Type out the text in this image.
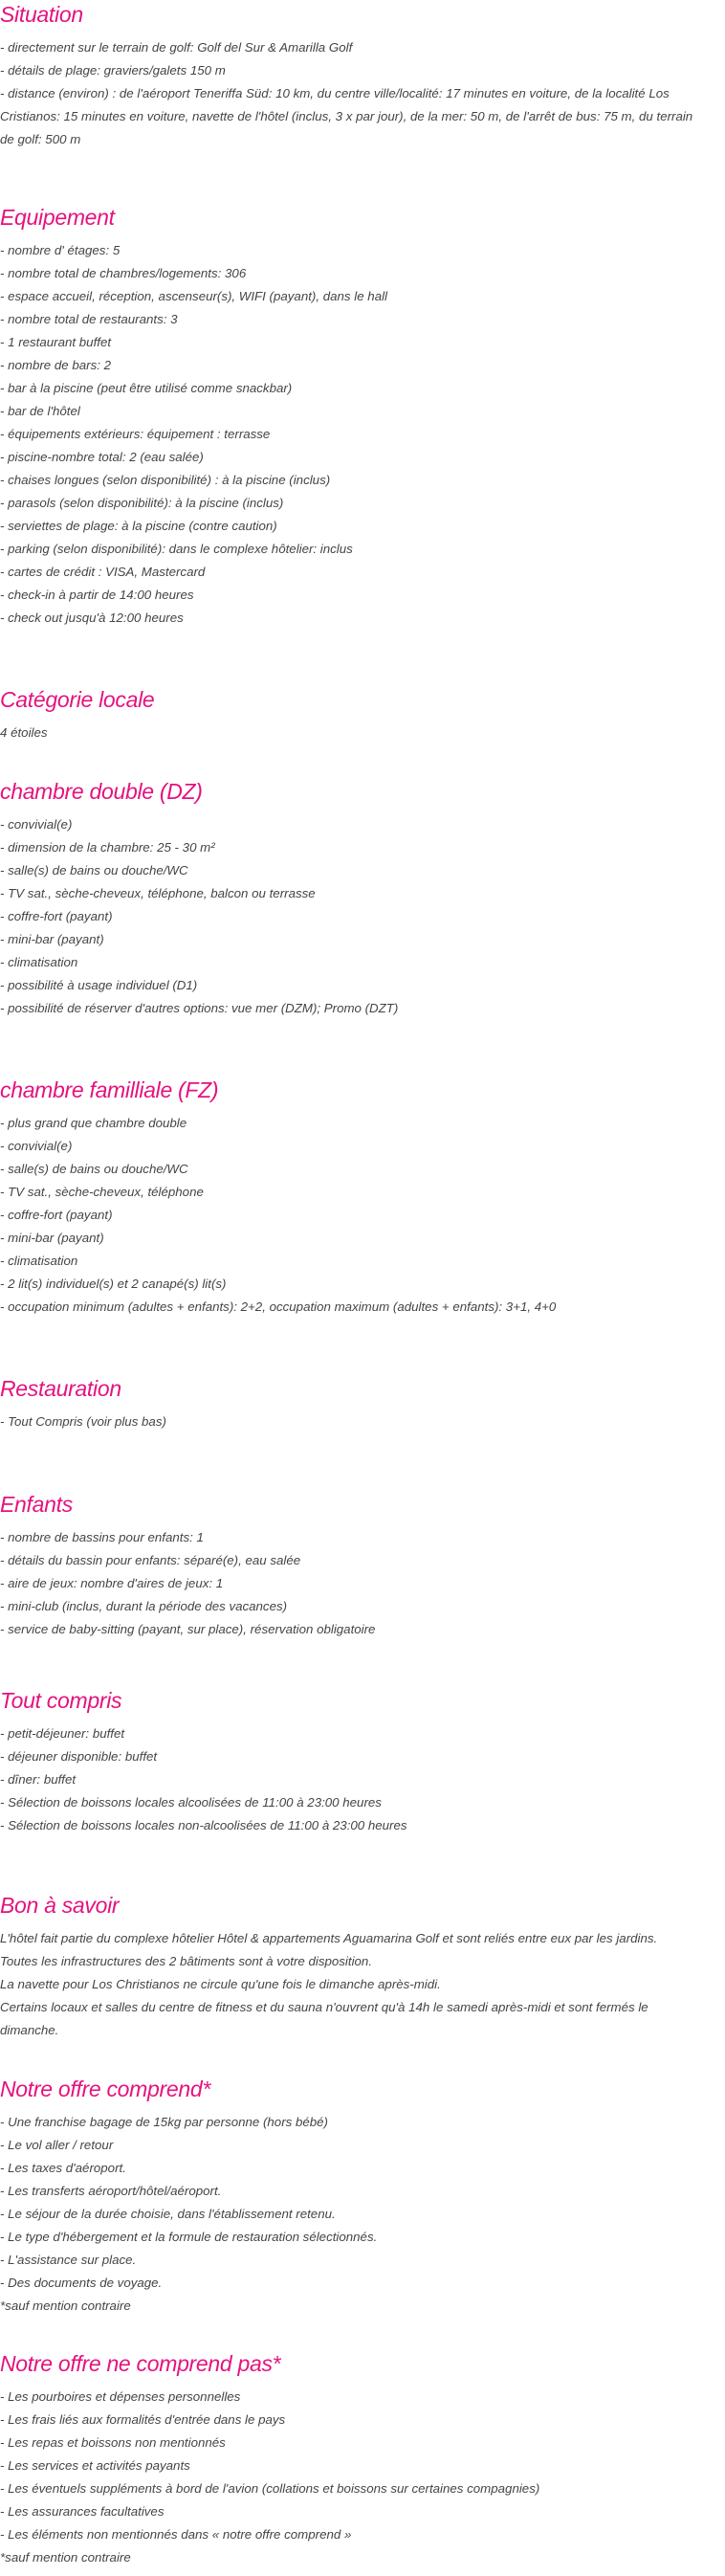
Situation
- directement sur le terrain de golf: Golf del Sur & Amarilla Golf
- détails de plage: graviers/galets 150 m
- distance (environ) : de l'aéroport Teneriffa Süd: 10 km, du centre ville/localité: 17 minutes en voiture, de la localité Los Cristianos: 15 minutes en voiture, navette de l'hôtel (inclus, 3 x par jour), de la mer: 50 m, de l'arrêt de bus: 75 m, du terrain de golf: 500 m
Equipement
- nombre d' étages: 5
- nombre total de chambres/logements: 306
- espace accueil, réception, ascenseur(s), WIFI (payant), dans le hall
- nombre total de restaurants: 3
- 1 restaurant buffet
- nombre de bars: 2
- bar à la piscine (peut être utilisé comme snackbar)
- bar de l'hôtel
- équipements extérieurs: équipement : terrasse
- piscine-nombre total: 2 (eau salée)
- chaises longues (selon disponibilité) : à la piscine (inclus)
- parasols (selon disponibilité): à la piscine (inclus)
- serviettes de plage: à la piscine (contre caution)
- parking (selon disponibilité): dans le complexe hôtelier: inclus
- cartes de crédit : VISA, Mastercard
- check-in à partir de 14:00 heures
- check out jusqu'à 12:00 heures
Catégorie locale
4 étoiles
chambre double (DZ)
- convivial(e)
- dimension de la chambre: 25 - 30 m²
- salle(s) de bains ou douche/WC
- TV sat., sèche-cheveux, téléphone, balcon ou terrasse
- coffre-fort (payant)
- mini-bar (payant)
- climatisation
- possibilité à usage individuel (D1)
- possibilité de réserver d'autres options: vue mer (DZM); Promo (DZT)
chambre familliale (FZ)
- plus grand que chambre double
- convivial(e)
- salle(s) de bains ou douche/WC
- TV sat., sèche-cheveux, téléphone
- coffre-fort (payant)
- mini-bar (payant)
- climatisation
- 2 lit(s) individuel(s) et 2 canapé(s) lit(s)
- occupation minimum (adultes + enfants): 2+2, occupation maximum (adultes + enfants): 3+1, 4+0
Restauration
- Tout Compris (voir plus bas)
Enfants
- nombre de bassins pour enfants: 1
- détails du bassin pour enfants: séparé(e), eau salée
- aire de jeux: nombre d'aires de jeux: 1
- mini-club (inclus, durant la période des vacances)
- service de baby-sitting (payant, sur place), réservation obligatoire
Tout compris
- petit-déjeuner: buffet
- déjeuner disponible: buffet
- dîner: buffet
- Sélection de boissons locales alcoolisées de 11:00 à 23:00 heures
- Sélection de boissons locales non-alcoolisées de 11:00 à 23:00 heures
Bon à savoir
L'hôtel fait partie du complexe hôtelier Hôtel & appartements Aguamarina Golf et sont reliés entre eux par les jardins.
Toutes les infrastructures des 2 bâtiments sont à votre disposition.
La navette pour Los Christianos ne circule qu'une fois le dimanche après-midi.
Certains locaux et salles du centre de fitness et du sauna n'ouvrent qu'à 14h le samedi après-midi et sont fermés le dimanche.
Notre offre comprend*
- Une franchise bagage de 15kg par personne (hors bébé)
- Le vol aller / retour
- Les taxes d'aéroport.
- Les transferts aéroport/hôtel/aéroport.
- Le séjour de la durée choisie, dans l'établissement retenu.
- Le type d'hébergement et la formule de restauration sélectionnés.
- L'assistance sur place.
- Des documents de voyage.
*sauf mention contraire
Notre offre ne comprend pas*
- Les pourboires et dépenses personnelles
- Les frais liés aux formalités d'entrée dans le pays
- Les repas et boissons non mentionnés
- Les services et activités payants
- Les éventuels suppléments à bord de l'avion (collations et boissons sur certaines compagnies)
- Les assurances facultatives
- Les éléments non mentionnés dans « notre offre comprend »
*sauf mention contraire
